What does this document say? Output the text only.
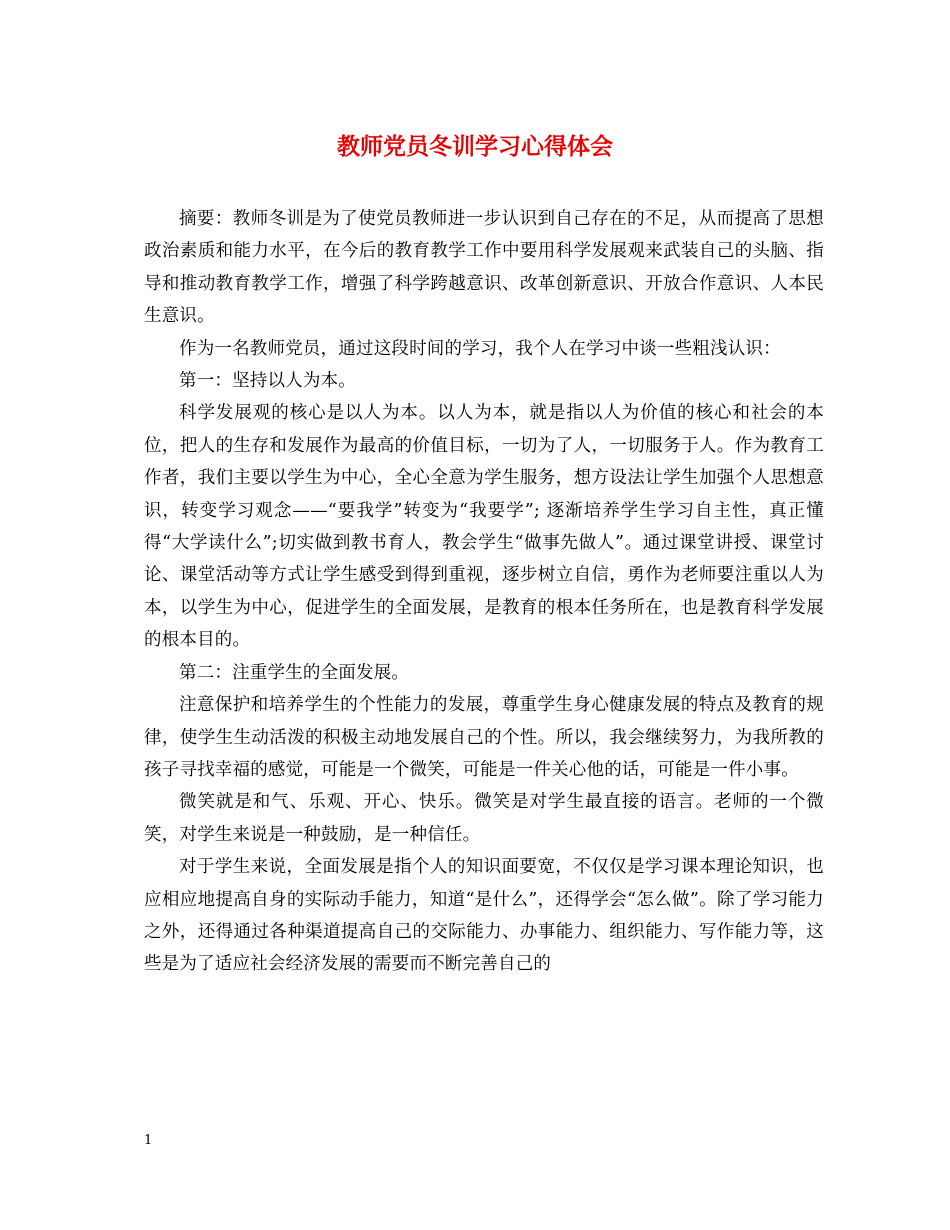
教师党员冬训学习心得体会

摘要：教师冬训是为了使党员教师进一步认识到自己存在的不足，从而提高了思想政治素质和能力水平，在今后的教育教学工作中要用科学发展观来武装自己的头脑、指导和推动教育教学工作，增强了科学跨越意识、改革创新意识、开放合作意识、人本民生意识。

作为一名教师党员，通过这段时间的学习，我个人在学习中谈一些粗浅认识：

第一：坚持以人为本。

科学发展观的核心是以人为本。以人为本，就是指以人为价值的核心和社会的本位，把人的生存和发展作为最高的价值目标，一切为了人，一切服务于人。作为教育工作者，我们主要以学生为中心，全心全意为学生服务，想方设法让学生加强个人思想意识，转变学习观念——“要我学”转变为“我要学”; 逐渐培养学生学习自主性，真正懂得“大学读什么”;切实做到教书育人，教会学生“做事先做人”。通过课堂讲授、课堂讨论、课堂活动等方式让学生感受到得到重视，逐步树立自信，勇作为老师要注重以人为本，以学生为中心，促进学生的全面发展，是教育的根本任务所在，也是教育科学发展的根本目的。

第二：注重学生的全面发展。

注意保护和培养学生的个性能力的发展，尊重学生身心健康发展的特点及教育的规律，使学生生动活泼的积极主动地发展自己的个性。所以，我会继续努力，为我所教的孩子寻找幸福的感觉，可能是一个微笑，可能是一件关心他的话，可能是一件小事。

微笑就是和气、乐观、开心、快乐。微笑是对学生最直接的语言。老师的一个微笑，对学生来说是一种鼓励，是一种信任。

对于学生来说，全面发展是指个人的知识面要宽，不仅仅是学习课本理论知识，也应相应地提高自身的实际动手能力，知道“是什么”，还得学会“怎么做”。除了学习能力之外，还得通过各种渠道提高自己的交际能力、办事能力、组织能力、写作能力等，这些是为了适应社会经济发展的需要而不断完善自己的

1
